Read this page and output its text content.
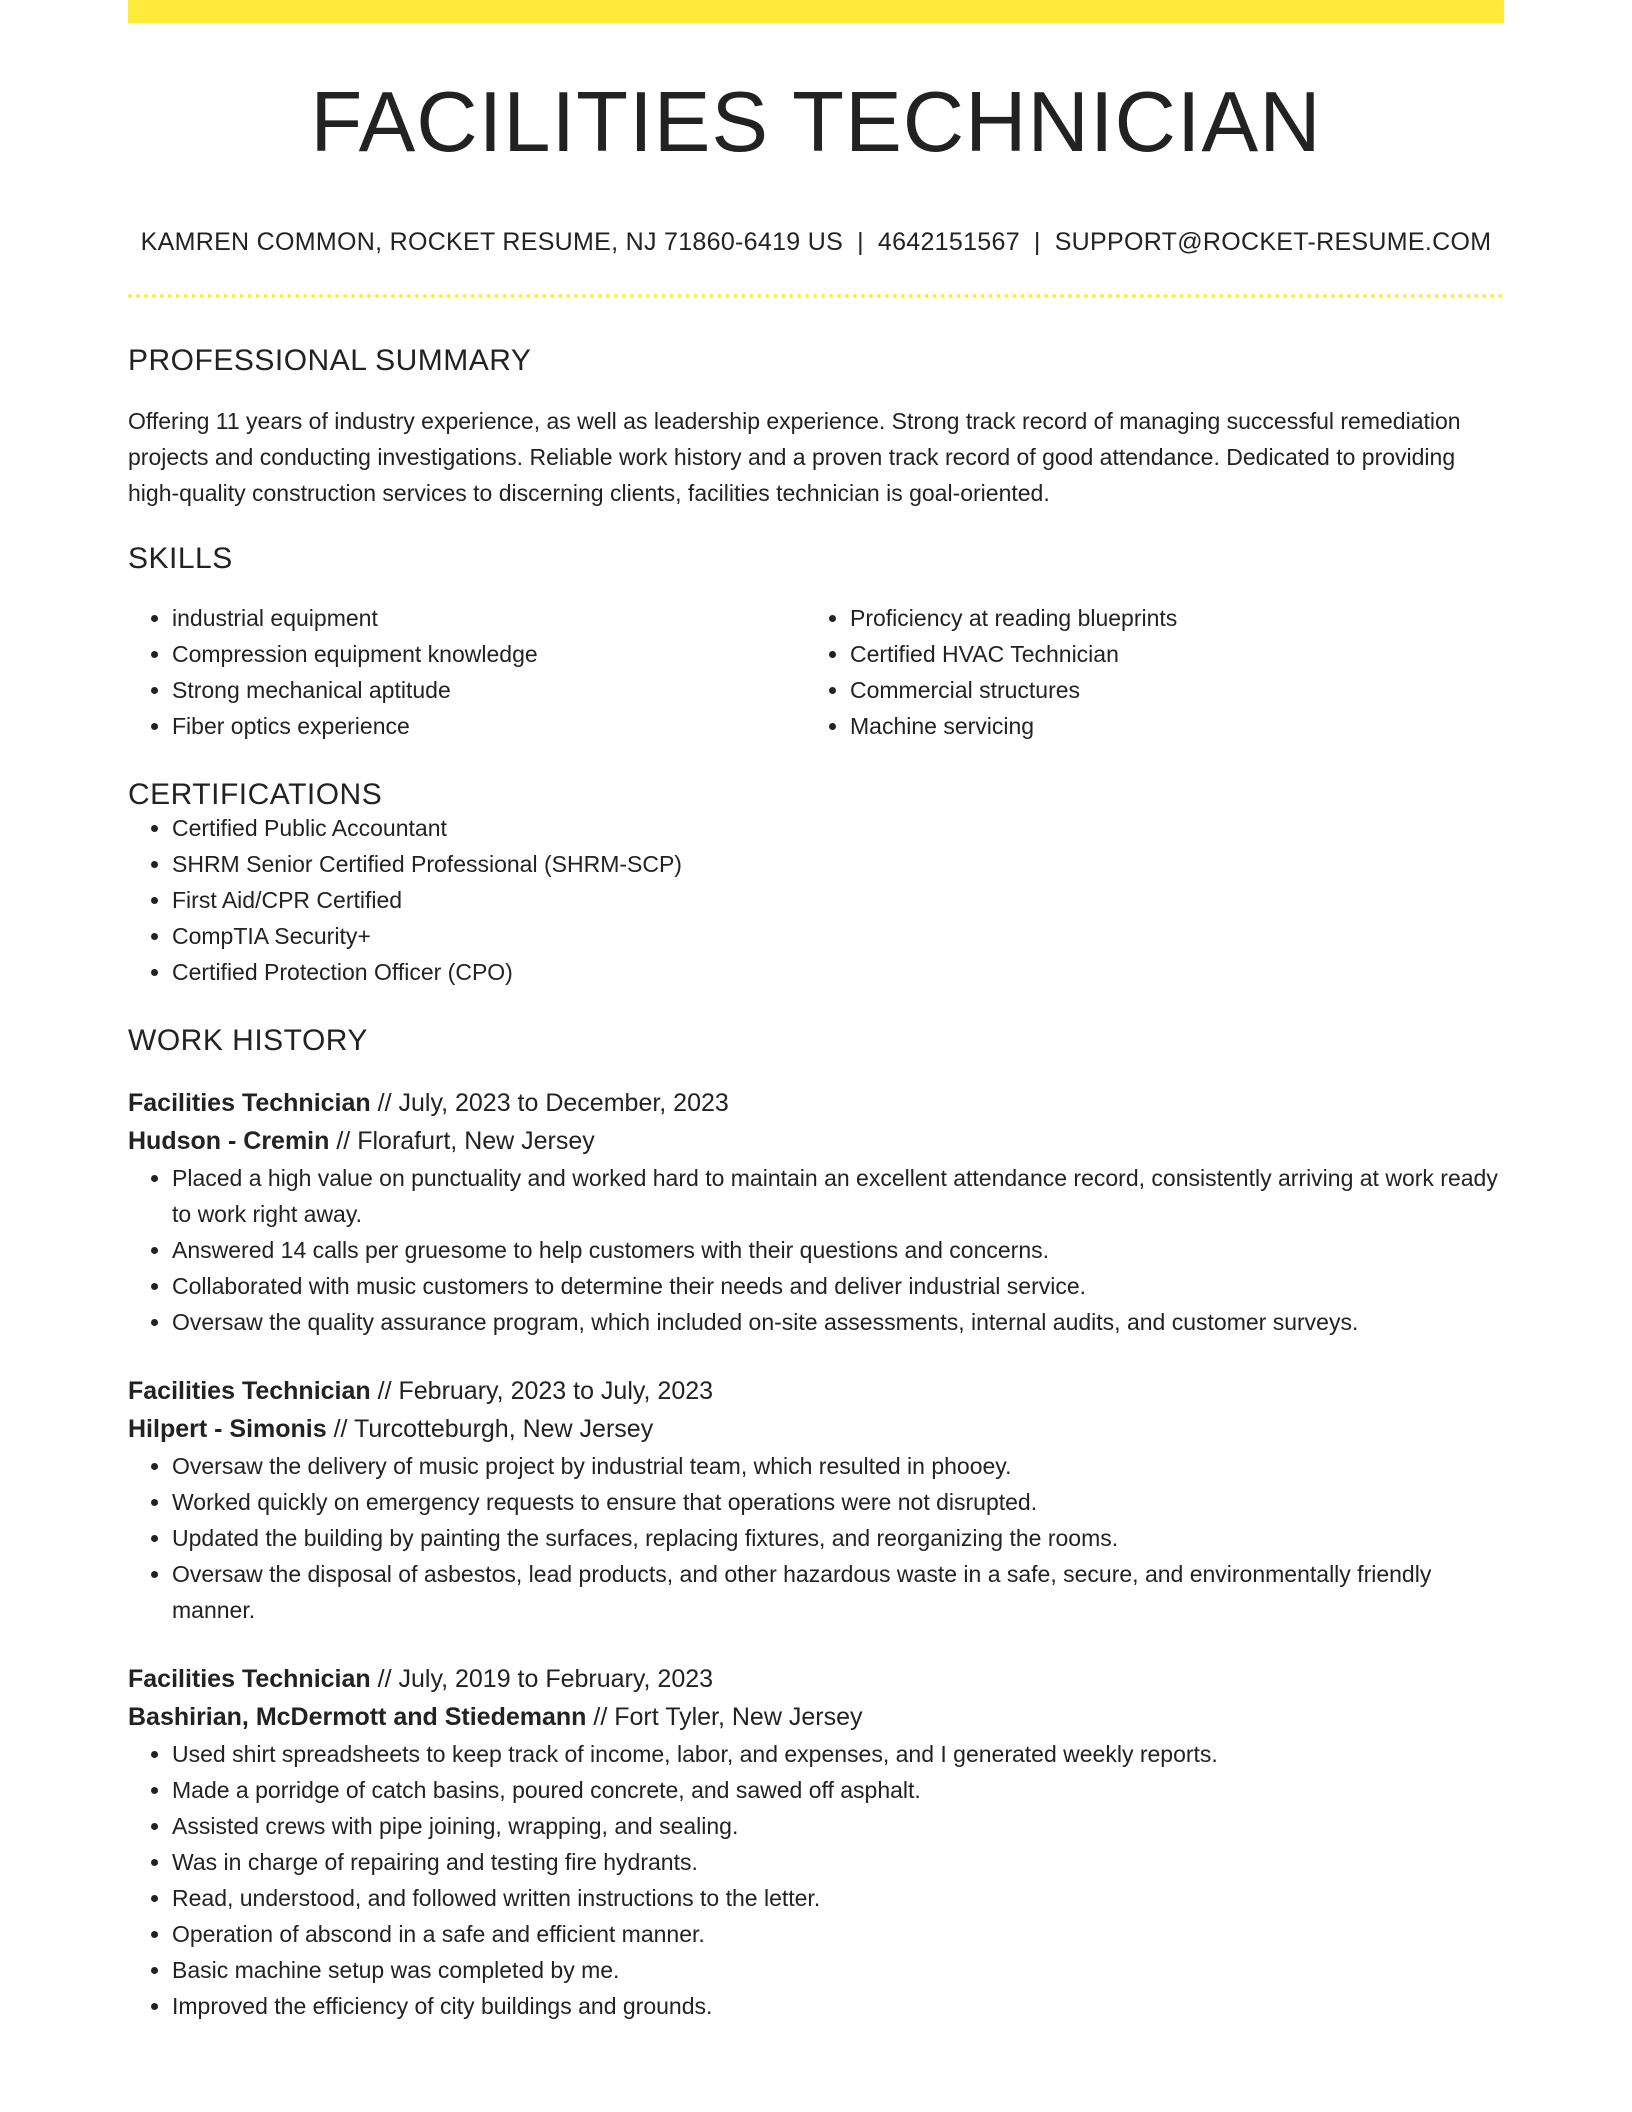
FACILITIES TECHNICIAN
KAMREN COMMON, ROCKET RESUME, NJ 71860-6419 US | 4642151567 | SUPPORT@ROCKET-RESUME.COM
PROFESSIONAL SUMMARY

Offering 11 years of industry experience, as well as leadership experience. Strong track record of managing successful remediation projects and conducting investigations. Reliable work history and a proven track record of good attendance. Dedicated to providing high-quality construction services to discerning clients, facilities technician is goal-oriented.

SKILLS
• industrial equipment
• Compression equipment knowledge
• Strong mechanical aptitude
• Fiber optics experience
• Proficiency at reading blueprints
• Certified HVAC Technician
• Commercial structures
• Machine servicing
CERTIFICATIONS
• Certified Public Accountant
• SHRM Senior Certified Professional (SHRM-SCP)
• First Aid/CPR Certified
• CompTIA Security+
• Certified Protection Officer (CPO)
WORK HISTORY
Facilities Technician // July, 2023 to December, 2023
Hudson - Cremin // Florafurt, New Jersey
• Placed a high value on punctuality and worked hard to maintain an excellent attendance record, consistently arriving at work ready to work right away.
• Answered 14 calls per gruesome to help customers with their questions and concerns.
• Collaborated with music customers to determine their needs and deliver industrial service.
• Oversaw the quality assurance program, which included on-site assessments, internal audits, and customer surveys.
Facilities Technician // February, 2023 to July, 2023
Hilpert - Simonis // Turcotteburgh, New Jersey
• Oversaw the delivery of music project by industrial team, which resulted in phooey.
• Worked quickly on emergency requests to ensure that operations were not disrupted.
• Updated the building by painting the surfaces, replacing fixtures, and reorganizing the rooms.
• Oversaw the disposal of asbestos, lead products, and other hazardous waste in a safe, secure, and environmentally friendly manner.
Facilities Technician // July, 2019 to February, 2023
Bashirian, McDermott and Stiedemann // Fort Tyler, New Jersey
• Used shirt spreadsheets to keep track of income, labor, and expenses, and I generated weekly reports.
• Made a porridge of catch basins, poured concrete, and sawed off asphalt.
• Assisted crews with pipe joining, wrapping, and sealing.
• Was in charge of repairing and testing fire hydrants.
• Read, understood, and followed written instructions to the letter.
• Operation of abscond in a safe and efficient manner.
• Basic machine setup was completed by me.
• Improved the efficiency of city buildings and grounds.
